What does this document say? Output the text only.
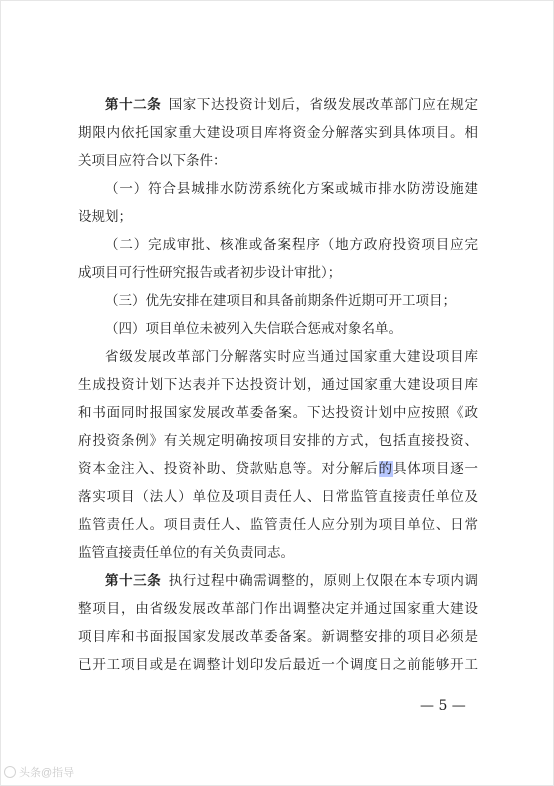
第十二条  国家下达投资计划后，省级发展改革部门应在规定
期限内依托国家重大建设项目库将资金分解落实到具体项目。相
关项目应符合以下条件：
（一）符合县城排水防涝系统化方案或城市排水防涝设施建
设规划；
（二）完成审批、核准或备案程序（地方政府投资项目应完
成项目可行性研究报告或者初步设计审批）；
（三）优先安排在建项目和具备前期条件近期可开工项目；
（四）项目单位未被列入失信联合惩戒对象名单。
省级发展改革部门分解落实时应当通过国家重大建设项目库
生成投资计划下达表并下达投资计划，通过国家重大建设项目库
和书面同时报国家发展改革委备案。下达投资计划中应按照《政
府投资条例》有关规定明确按项目安排的方式，包括直接投资、
资本金注入、投资补助、贷款贴息等。对分解后的具体项目逐一
落实项目（法人）单位及项目责任人、日常监管直接责任单位及
监管责任人。项目责任人、监管责任人应分别为项目单位、日常
监管直接责任单位的有关负责同志。
第十三条  执行过程中确需调整的，原则上仅限在本专项内调
整项目，由省级发展改革部门作出调整决定并通过国家重大建设
项目库和书面报国家发展改革委备案。新调整安排的项目必须是
已开工项目或是在调整计划印发后最近一个调度日之前能够开工
— 5 —
头条@指导
